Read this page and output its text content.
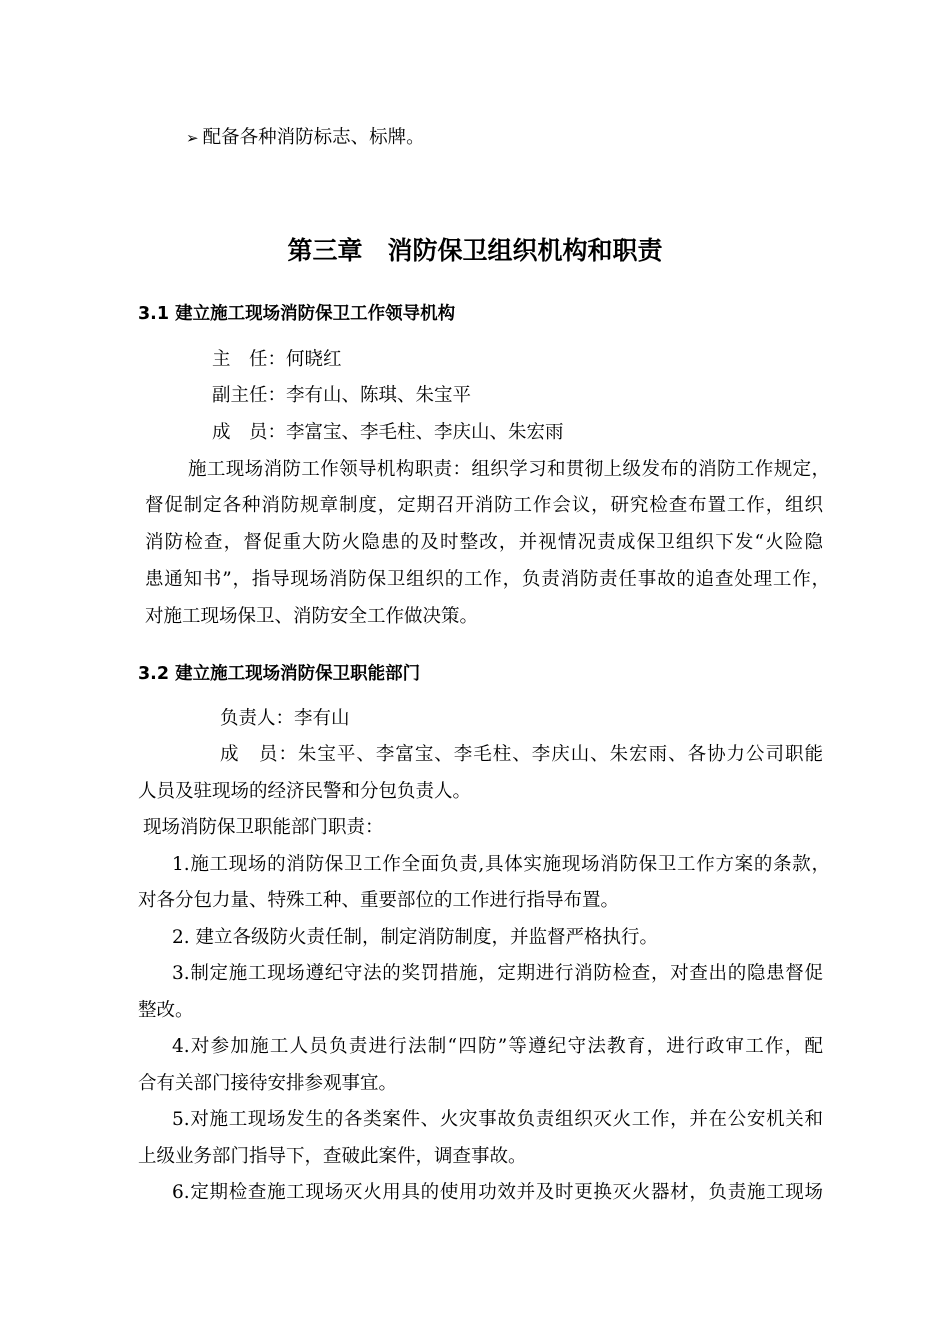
➢ 配备各种消防标志、标牌。
第三章　消防保卫组织机构和职责
3.1 建立施工现场消防保卫工作领导机构
主　任：何晓红
副主任：李有山、陈琪、朱宝平
成　员：李富宝、李毛柱、李庆山、朱宏雨
施工现场消防工作领导机构职责：组织学习和贯彻上级发布的消防工作规定，
督促制定各种消防规章制度，定期召开消防工作会议，研究检查布置工作，组织
消防检查，督促重大防火隐患的及时整改，并视情况责成保卫组织下发“火险隐
患通知书”，指导现场消防保卫组织的工作，负责消防责任事故的追查处理工作，
对施工现场保卫、消防安全工作做决策。
3.2 建立施工现场消防保卫职能部门
负责人：李有山
成　员：朱宝平、李富宝、李毛柱、李庆山、朱宏雨、各协力公司职能
人员及驻现场的经济民警和分包负责人。
现场消防保卫职能部门职责：
1.施工现场的消防保卫工作全面负责,具体实施现场消防保卫工作方案的条款，
对各分包力量、特殊工种、重要部位的工作进行指导布置。
2. 建立各级防火责任制，制定消防制度，并监督严格执行。
3.制定施工现场遵纪守法的奖罚措施，定期进行消防检查，对查出的隐患督促
整改。
4.对参加施工人员负责进行法制“四防”等遵纪守法教育，进行政审工作，配
合有关部门接待安排参观事宜。
5.对施工现场发生的各类案件、火灾事故负责组织灭火工作，并在公安机关和
上级业务部门指导下，查破此案件，调查事故。
6.定期检查施工现场灭火用具的使用功效并及时更换灭火器材，负责施工现场
